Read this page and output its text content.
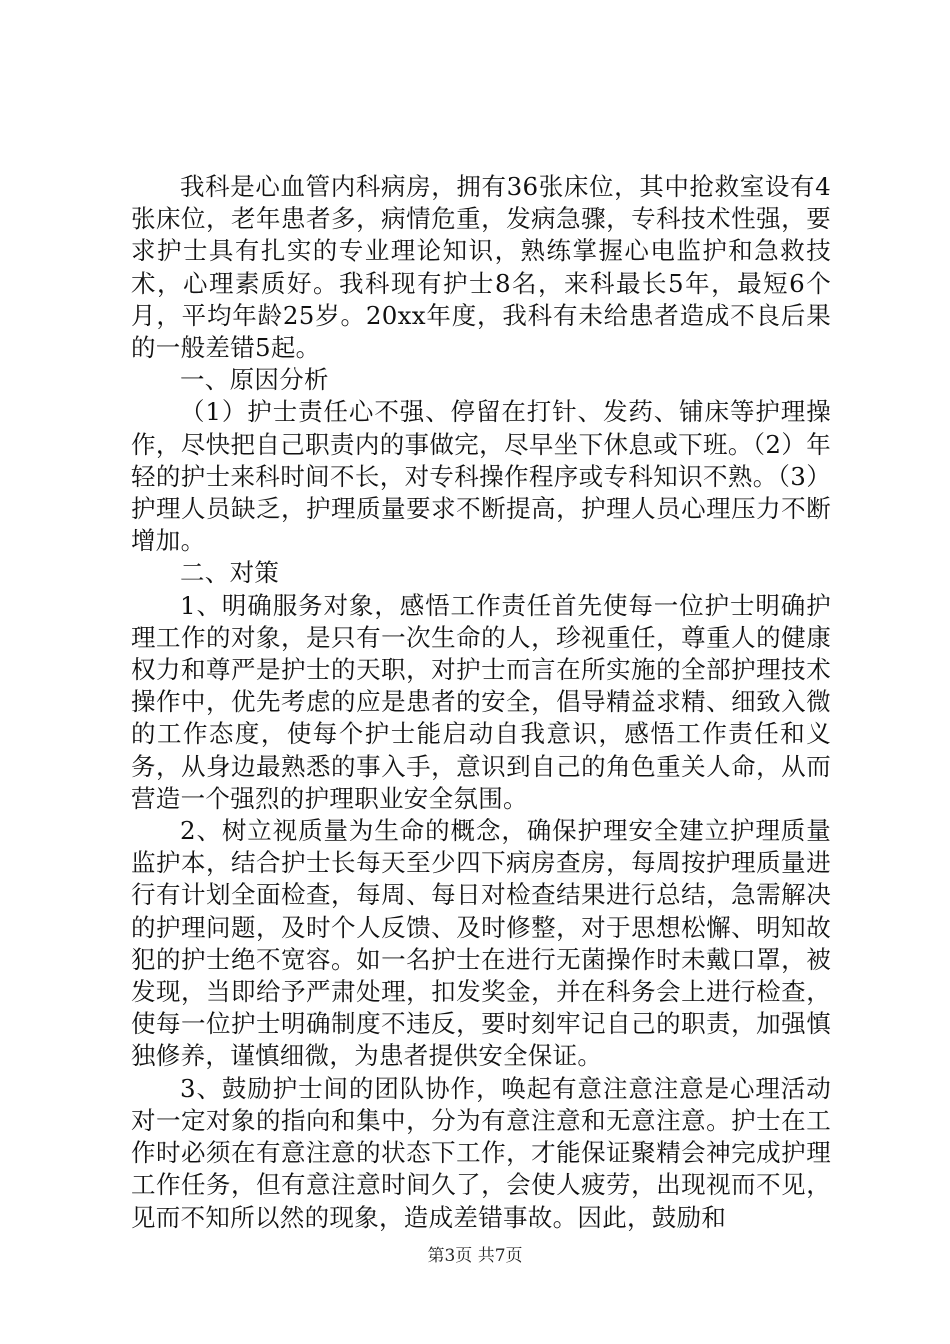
我科是心血管内科病房，拥有36张床位，其中抢救室设有4张床位，老年患者多，病情危重，发病急骤，专科技术性强，要求护士具有扎实的专业理论知识，熟练掌握心电监护和急救技术，心理素质好。我科现有护士8名，来科最长5年，最短6个月，平均年龄25岁。20xx年度，我科有未给患者造成不良后果的一般差错5起。

一、原因分析

（1）护士责任心不强、停留在打针、发药、铺床等护理操作，尽快把自己职责内的事做完，尽早坐下休息或下班。（2）年轻的护士来科时间不长，对专科操作程序或专科知识不熟。（3）护理人员缺乏，护理质量要求不断提高，护理人员心理压力不断增加。

二、对策

1、明确服务对象，感悟工作责任首先使每一位护士明确护理工作的对象，是只有一次生命的人，珍视重任，尊重人的健康权力和尊严是护士的天职，对护士而言在所实施的全部护理技术操作中，优先考虑的应是患者的安全，倡导精益求精、细致入微的工作态度，使每个护士能启动自我意识，感悟工作责任和义务，从身边最熟悉的事入手，意识到自己的角色重关人命，从而营造一个强烈的护理职业安全氛围。

2、树立视质量为生命的概念，确保护理安全建立护理质量监护本，结合护士长每天至少四下病房查房，每周按护理质量进行有计划全面检查，每周、每日对检查结果进行总结，急需解决的护理问题，及时个人反馈、及时修整，对于思想松懈、明知故犯的护士绝不宽容。如一名护士在进行无菌操作时未戴口罩，被发现，当即给予严肃处理，扣发奖金，并在科务会上进行检查，使每一位护士明确制度不违反，要时刻牢记自己的职责，加强慎独修养，谨慎细微，为患者提供安全保证。

3、鼓励护士间的团队协作，唤起有意注意注意是心理活动对一定对象的指向和集中，分为有意注意和无意注意。护士在工作时必须在有意注意的状态下工作，才能保证聚精会神完成护理工作任务，但有意注意时间久了，会使人疲劳，出现视而不见，见而不知所以然的现象，造成差错事故。因此，鼓励和

第3页 共7页
